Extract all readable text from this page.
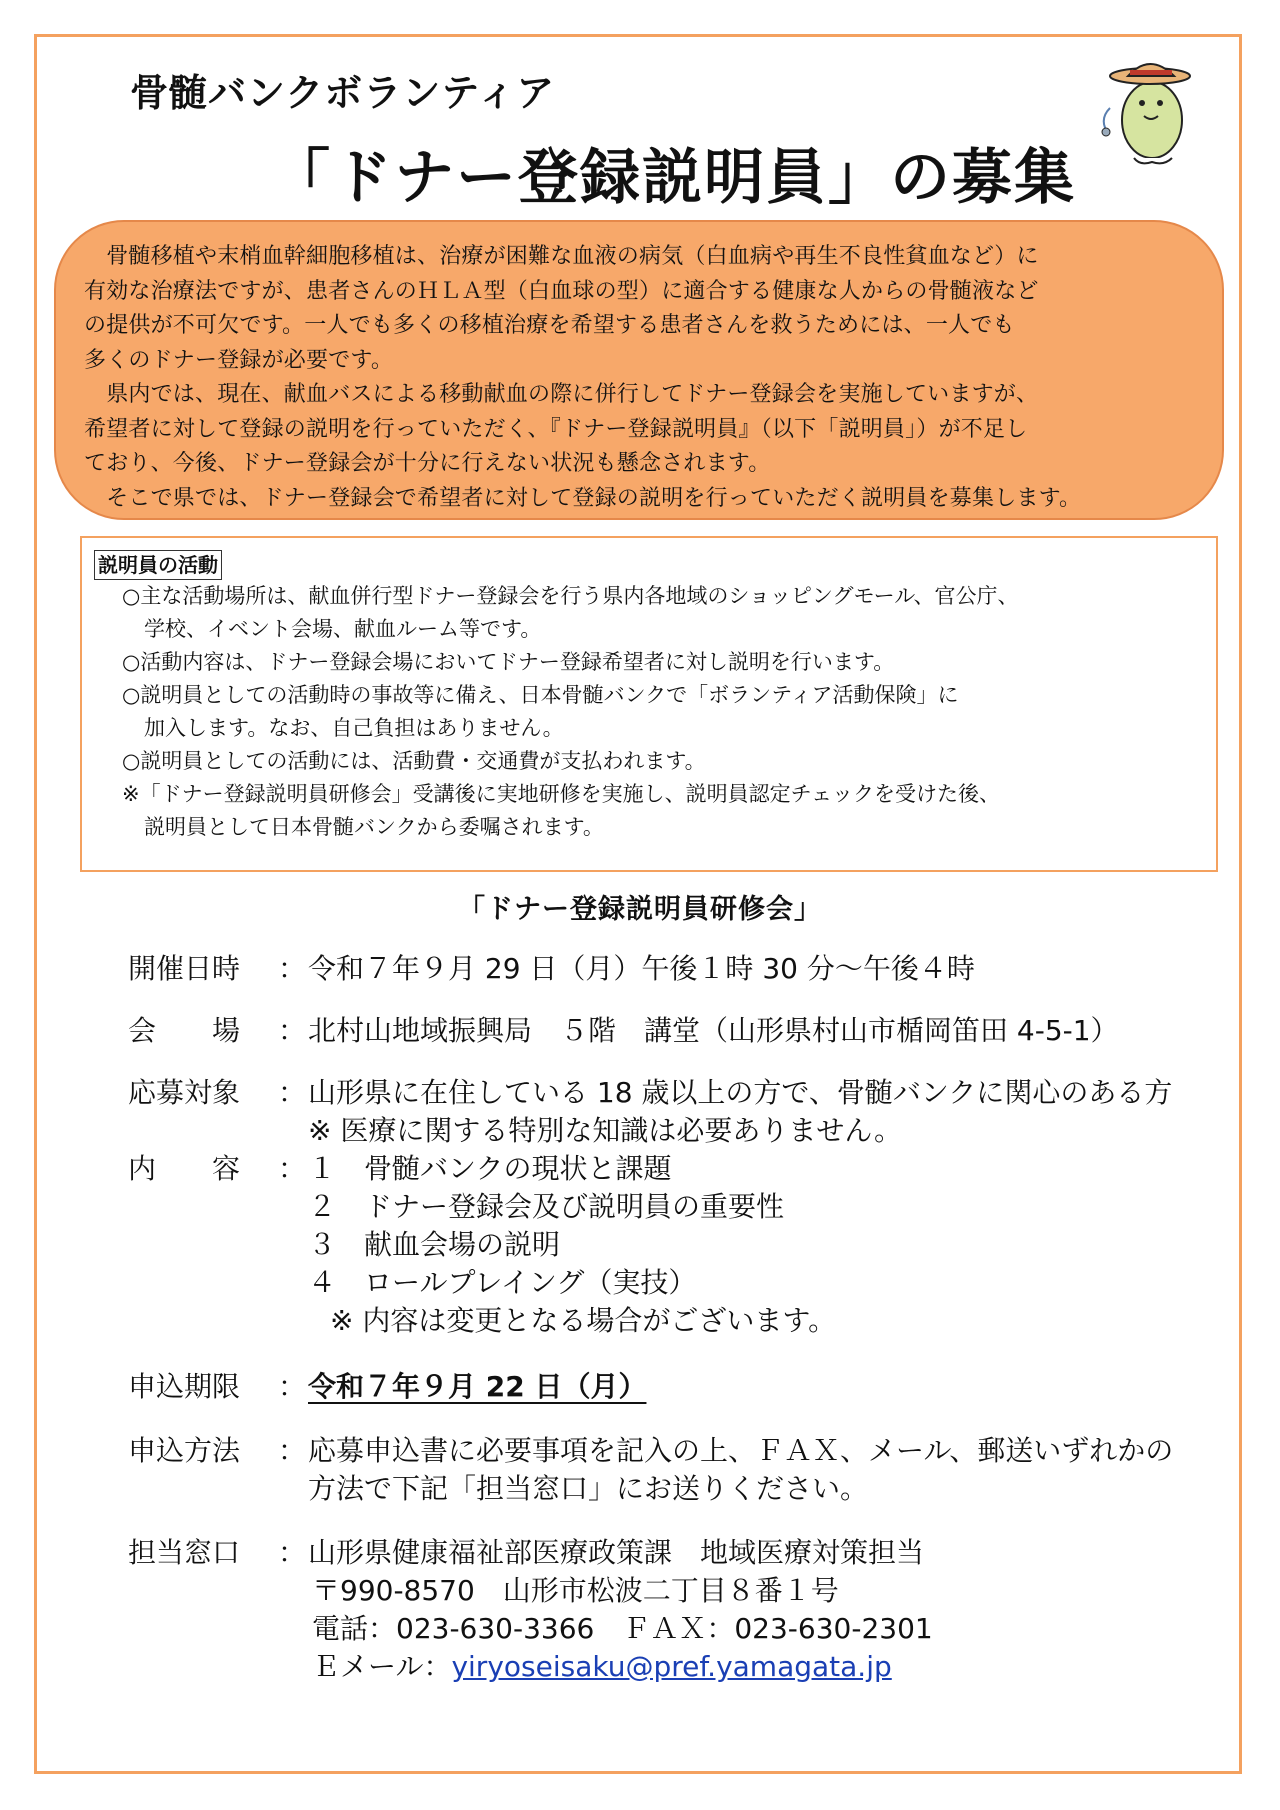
骨髄バンクボランティア
「ドナー登録説明員」の募集

　骨髄移植や末梢血幹細胞移植は、治療が困難な血液の病気（白血病や再生不良性貧血など）に

有効な治療法ですが、患者さんのＨＬＡ型（白血球の型）に適合する健康な人からの骨髄液など

の提供が不可欠です。一人でも多くの移植治療を希望する患者さんを救うためには、一人でも

多くのドナー登録が必要です。

　県内では、現在、献血バスによる移動献血の際に併行してドナー登録会を実施していますが、

希望者に対して登録の説明を行っていただく、『ドナー登録説明員』（以下「説明員」）が不足し

ており、今後、ドナー登録会が十分に行えない状況も懸念されます。

　そこで県では、ドナー登録会で希望者に対して登録の説明を行っていただく説明員を募集します。

説明員の活動
○主な活動場所は、献血併行型ドナー登録会を行う県内各地域のショッピングモール、官公庁、
学校、イベント会場、献血ルーム等です。
○活動内容は、ドナー登録会場においてドナー登録希望者に対し説明を行います。
○説明員としての活動時の事故等に備え、日本骨髄バンクで「ボランティア活動保険」に
加入します。なお、自己負担はありません。
○説明員としての活動には、活動費・交通費が支払われます。
※「ドナー登録説明員研修会」受講後に実地研修を実施し、説明員認定チェックを受けた後、
説明員として日本骨髄バンクから委嘱されます。
「ドナー登録説明員研修会」
開催日時 ：令和７年９月 29 日（月）午後１時 30 分～午後４時
会　　場 ：北村山地域振興局　５階　講堂（山形県村山市楯岡笛田 4-5-1）
応募対象 ：山形県に在住している 18 歳以上の方で、骨髄バンクに関心のある方
※ 医療に関する特別な知識は必要ありません。
内　　容 ：１　骨髄バンクの現状と課題
２　ドナー登録会及び説明員の重要性
３　献血会場の説明
４　ロールプレイング（実技）
※ 内容は変更となる場合がございます。
申込期限 ：令和７年９月 22 日（月）
申込方法 ：応募申込書に必要事項を記入の上、ＦＡＸ、メール、郵送いずれかの
方法で下記「担当窓口」にお送りください。
担当窓口 ：山形県健康福祉部医療政策課　地域医療対策担当
〒990-8570　山形市松波二丁目８番１号
電話：023-630-3366　ＦＡＸ：023-630-2301
Ｅメール：yiryoseisaku@pref.yamagata.jp
